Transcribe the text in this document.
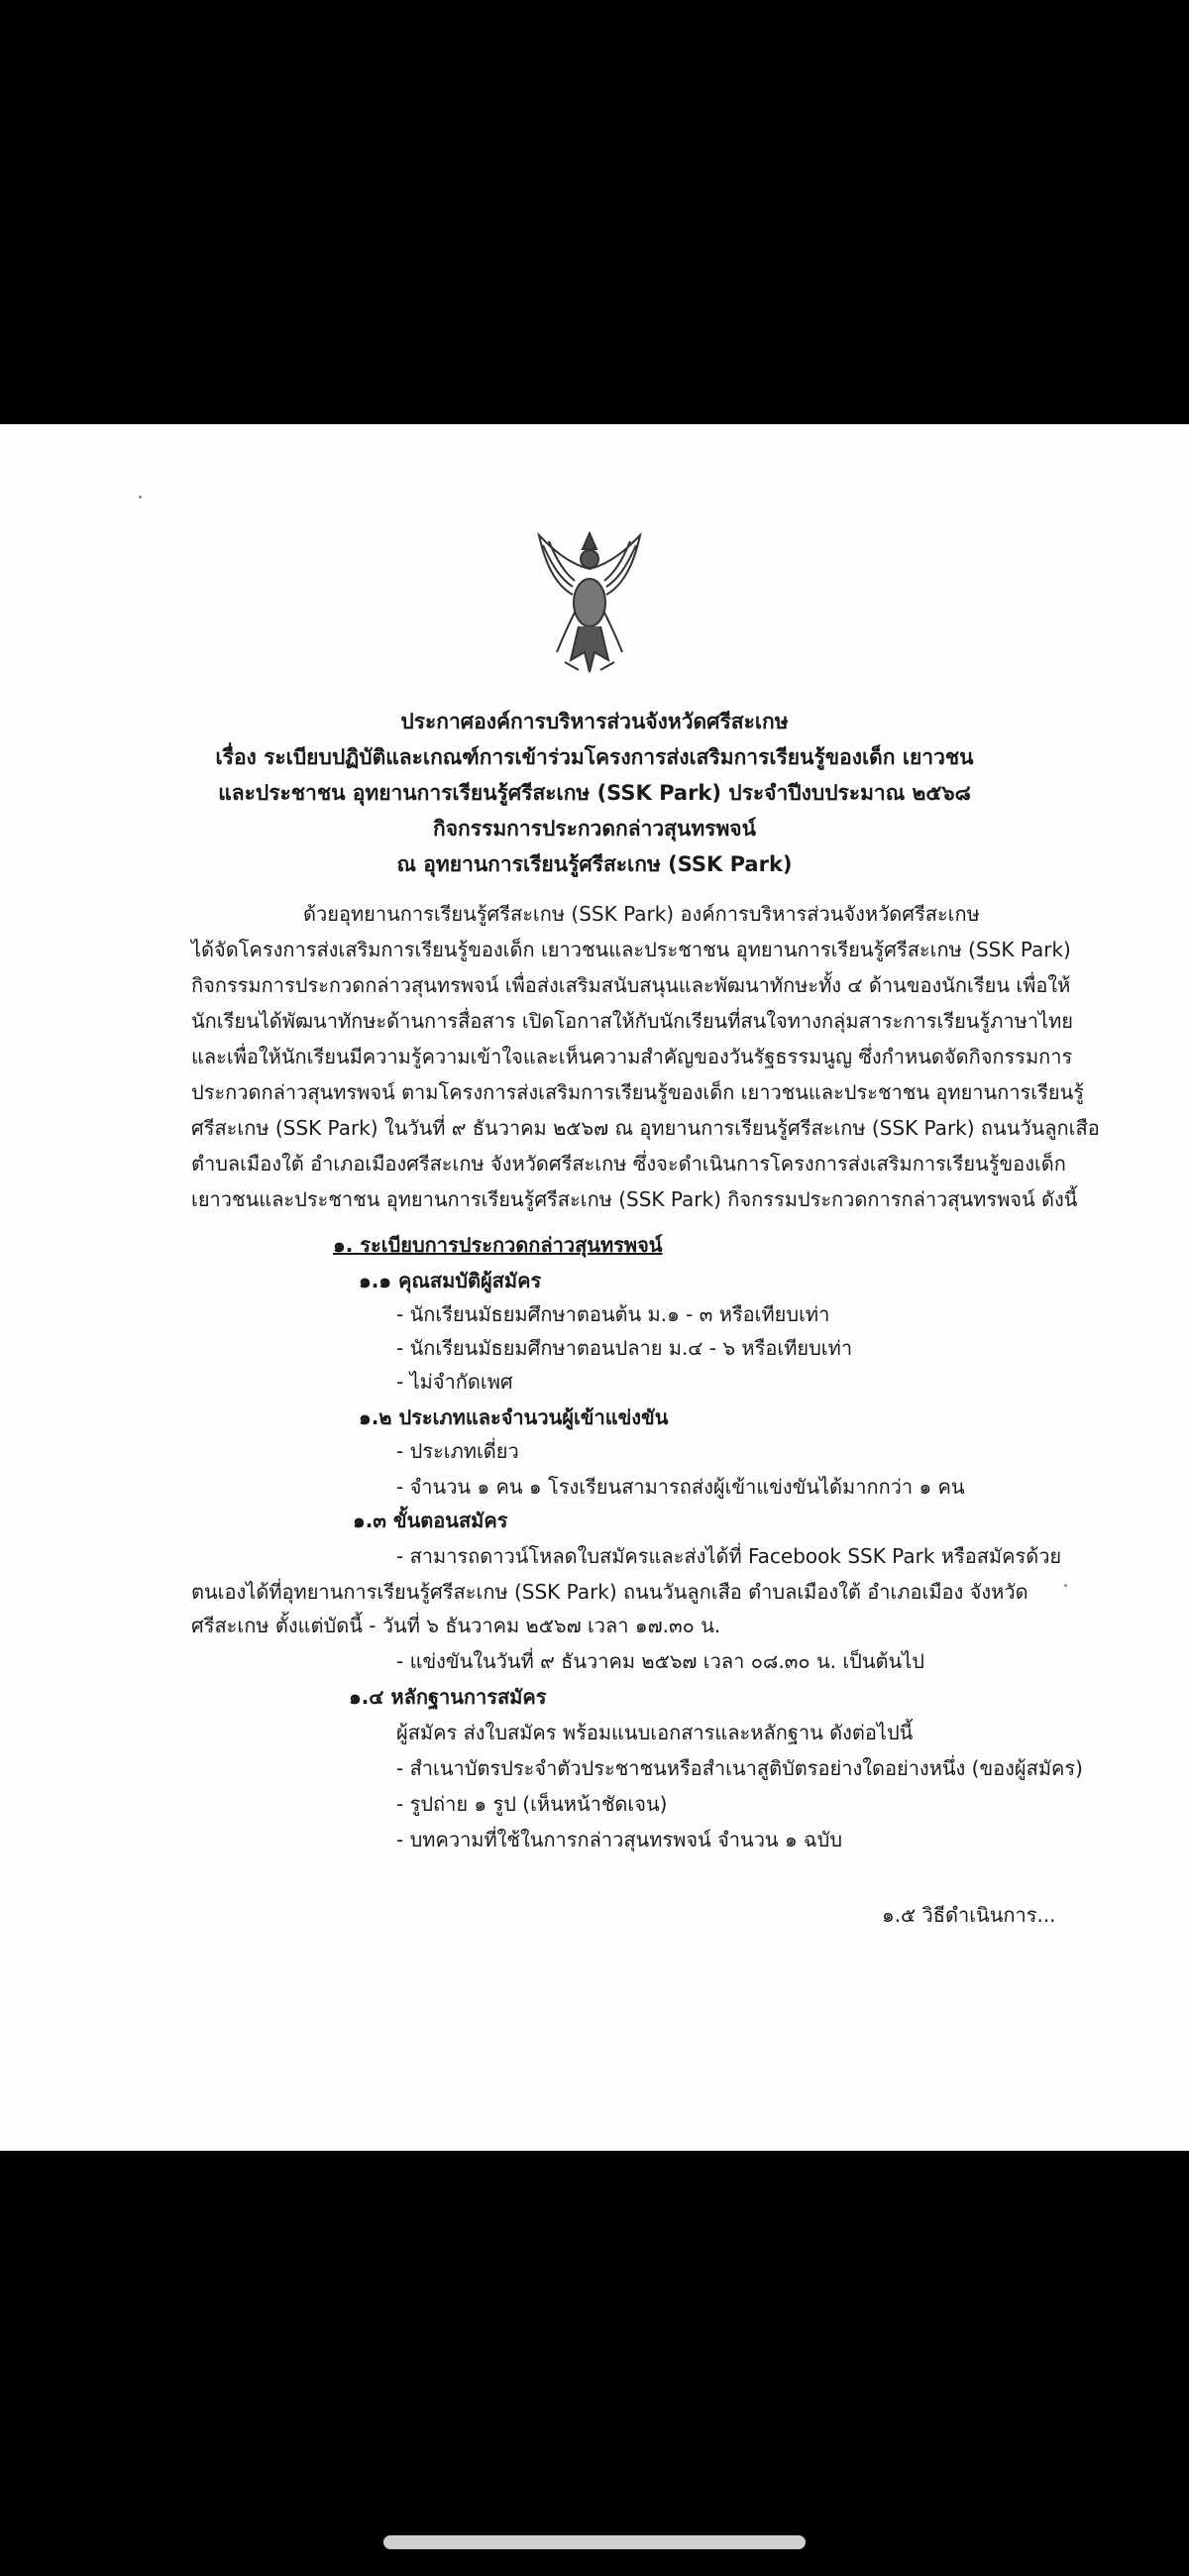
ประกาศองค์การบริหารส่วนจังหวัดศรีสะเกษ
เรื่อง ระเบียบปฏิบัติและเกณฑ์การเข้าร่วมโครงการส่งเสริมการเรียนรู้ของเด็ก เยาวชน
และประชาชน อุทยานการเรียนรู้ศรีสะเกษ (SSK Park) ประจำปีงบประมาณ ๒๕๖๘
กิจกรรมการประกวดกล่าวสุนทรพจน์
ณ อุทยานการเรียนรู้ศรีสะเกษ (SSK Park)
ด้วยอุทยานการเรียนรู้ศรีสะเกษ (SSK Park) องค์การบริหารส่วนจังหวัดศรีสะเกษ
ได้จัดโครงการส่งเสริมการเรียนรู้ของเด็ก เยาวชนและประชาชน อุทยานการเรียนรู้ศรีสะเกษ (SSK Park)
กิจกรรมการประกวดกล่าวสุนทรพจน์ เพื่อส่งเสริมสนับสนุนและพัฒนาทักษะทั้ง ๔ ด้านของนักเรียน เพื่อให้
นักเรียนได้พัฒนาทักษะด้านการสื่อสาร เปิดโอกาสให้กับนักเรียนที่สนใจทางกลุ่มสาระการเรียนรู้ภาษาไทย
และเพื่อให้นักเรียนมีความรู้ความเข้าใจและเห็นความสำคัญของวันรัฐธรรมนูญ ซึ่งกำหนดจัดกิจกรรมการ
ประกวดกล่าวสุนทรพจน์ ตามโครงการส่งเสริมการเรียนรู้ของเด็ก เยาวชนและประชาชน อุทยานการเรียนรู้
ศรีสะเกษ (SSK Park) ในวันที่ ๙ ธันวาคม ๒๕๖๗ ณ อุทยานการเรียนรู้ศรีสะเกษ (SSK Park) ถนนวันลูกเสือ
ตำบลเมืองใต้ อำเภอเมืองศรีสะเกษ จังหวัดศรีสะเกษ ซึ่งจะดำเนินการโครงการส่งเสริมการเรียนรู้ของเด็ก
เยาวชนและประชาชน อุทยานการเรียนรู้ศรีสะเกษ (SSK Park) กิจกรรมประกวดการกล่าวสุนทรพจน์ ดังนี้
๑. ระเบียบการประกวดกล่าวสุนทรพจน์
๑.๑ คุณสมบัติผู้สมัคร
- นักเรียนมัธยมศึกษาตอนต้น ม.๑ - ๓ หรือเทียบเท่า
- นักเรียนมัธยมศึกษาตอนปลาย ม.๔ - ๖ หรือเทียบเท่า
- ไม่จำกัดเพศ
๑.๒ ประเภทและจำนวนผู้เข้าแข่งขัน
- ประเภทเดี่ยว
- จำนวน ๑ คน ๑ โรงเรียนสามารถส่งผู้เข้าแข่งขันได้มากกว่า ๑ คน
๑.๓ ขั้นตอนสมัคร
- สามารถดาวน์โหลดใบสมัครและส่งได้ที่ Facebook SSK Park หรือสมัครด้วย
ตนเองได้ที่อุทยานการเรียนรู้ศรีสะเกษ (SSK Park) ถนนวันลูกเสือ ตำบลเมืองใต้ อำเภอเมือง จังหวัด
ศรีสะเกษ ตั้งแต่บัดนี้ - วันที่ ๖ ธันวาคม ๒๕๖๗ เวลา ๑๗.๓๐ น.
- แข่งขันในวันที่ ๙ ธันวาคม ๒๕๖๗ เวลา ๐๘.๓๐ น. เป็นต้นไป
๑.๔ หลักฐานการสมัคร
ผู้สมัคร ส่งใบสมัคร พร้อมแนบเอกสารและหลักฐาน ดังต่อไปนี้
- สำเนาบัตรประจำตัวประชาชนหรือสำเนาสูติบัตรอย่างใดอย่างหนึ่ง (ของผู้สมัคร)
- รูปถ่าย ๑ รูป (เห็นหน้าชัดเจน)
- บทความที่ใช้ในการกล่าวสุนทรพจน์ จำนวน ๑ ฉบับ
๑.๕ วิธีดำเนินการ...
